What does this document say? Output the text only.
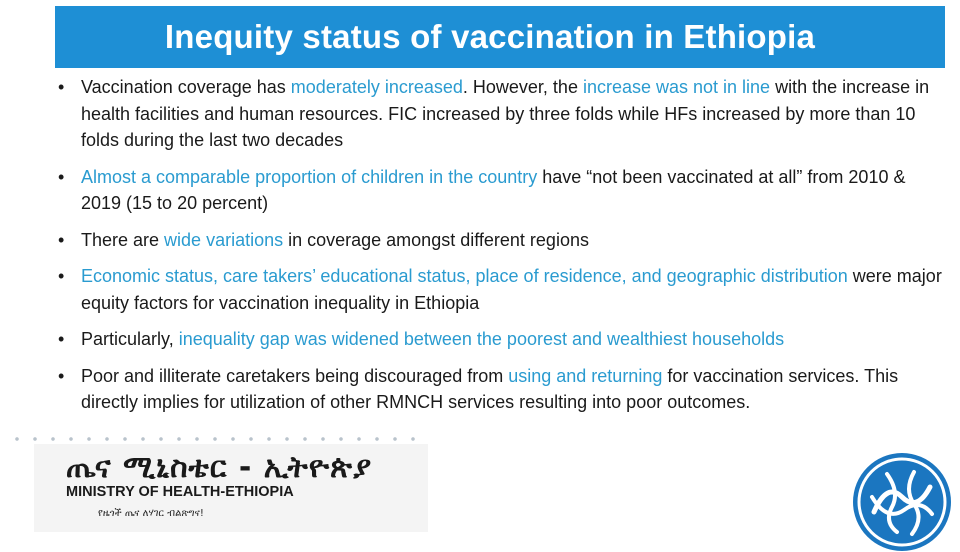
Inequity status of vaccination in Ethiopia
• Vaccination coverage has moderately increased. However, the increase was not in line with the increase in health facilities and human resources. FIC increased by three folds while HFs increased by more than 10 folds during the last two decades
• Almost a comparable proportion of children in the country have “not been vaccinated at all” from 2010 & 2019 (15 to 20 percent)
• There are wide variations in coverage amongst different regions
• Economic status, care takers’ educational status, place of residence, and geographic distribution were major equity factors for vaccination inequality in Ethiopia
• Particularly, inequality gap was widened between the poorest and wealthiest households
• Poor and illiterate caretakers being discouraged from using and returning for vaccination services. This directly implies for utilization of other RMNCH services resulting into poor outcomes.
ጤና ሚኒስቴር - ኢትዮጵያ
MINISTRY OF HEALTH-ETHIOPIA
የዜጎች ጤና ለሃገር ብልጽግና!
